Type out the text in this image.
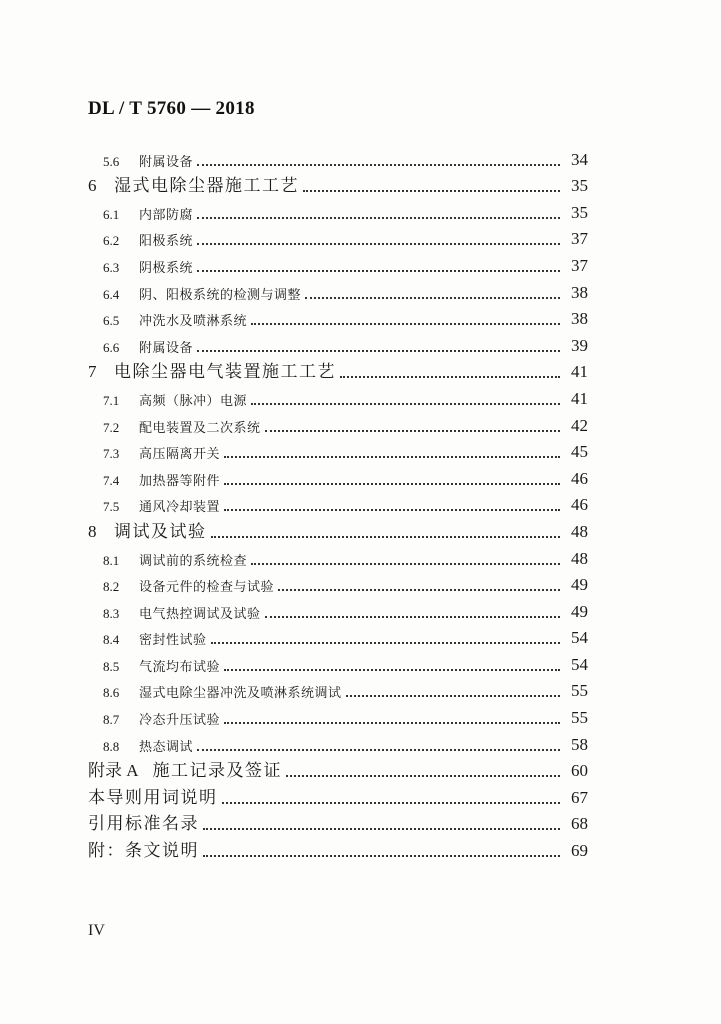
DL / T 5760 — 2018
5.6	附属设备	34
6	湿式电除尘器施工工艺	35
6.1	内部防腐	35
6.2	阳极系统	37
6.3	阴极系统	37
6.4	阴、阳极系统的检测与调整	38
6.5	冲洗水及喷淋系统	38
6.6	附属设备	39
7	电除尘器电气装置施工工艺	41
7.1	高频（脉冲）电源	41
7.2	配电装置及二次系统	42
7.3	高压隔离开关	45
7.4	加热器等附件	46
7.5	通风冷却装置	46
8	调试及试验	48
8.1	调试前的系统检查	48
8.2	设备元件的检查与试验	49
8.3	电气热控调试及试验	49
8.4	密封性试验	54
8.5	气流均布试验	54
8.6	湿式电除尘器冲洗及喷淋系统调试	55
8.7	冷态升压试验	55
8.8	热态调试	58
附录 A 施工记录及签证	60
本导则用词说明	67
引用标准名录	68
附：条文说明	69
IV
